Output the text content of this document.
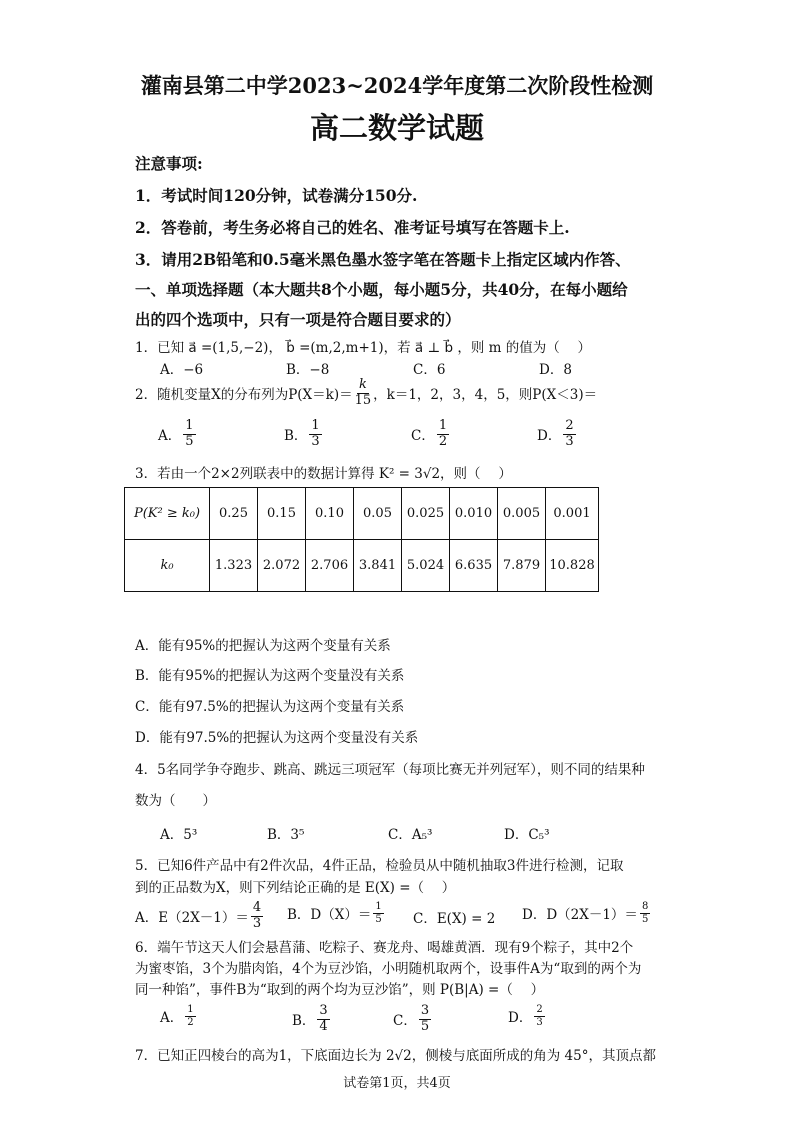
灌南县第二中学2023~2024学年度第二次阶段性检测
高二数学试题
注意事项:
1．考试时间120分钟，试卷满分150分.
2．答卷前，考生务必将自己的姓名、准考证号填写在答题卡上.
3．请用2B铅笔和0.5毫米黑色墨水签字笔在答题卡上指定区域内作答、
一、单项选择题（本大题共8个小题，每小题5分，共40分，在每小题给
出的四个选项中，只有一项是符合题目要求的）
1．已知 a⃗ =(1,5,−2)， b⃗ =(m,2,m+1)，若 a⃗ ⊥ b⃗ ，则 m 的值为（　 ）
A．−6	B．−8	C．6	D．8
2．随机变量X的分布列为$P(X=k)= \frac{k}{15}$ ，k＝1，2，3，4，5，则P(X＜3)＝
A． $\frac{1}{5}$	B． $\frac{1}{3}$	C． $\frac{1}{2}$	D． $\frac{2}{3}$
3．若由一个2×2列联表中的数据计算得 K² = 3√2，则（　 ）
P(K² ≥ k₀)	0.25	0.15	0.10	0.05	0.025	0.010	0.005	0.001
k₀	1.323	2.072	2.706	3.841	5.024	6.635	7.879	10.828
A．能有95%的把握认为这两个变量有关系
B．能有95%的把握认为这两个变量没有关系
C．能有97.5%的把握认为这两个变量有关系
D．能有97.5%的把握认为这两个变量没有关系
4．5名同学争夺跑步、跳高、跳远三项冠军（每项比赛无并列冠军），则不同的结果种
数为（　　）
A．5³	B．3⁵	C．A₅³	D．C₅³
5．已知6件产品中有2件次品，4件正品，检验员从中随机抽取3件进行检测，记取
到的正品数为X，则下列结论正确的是 E(X) =（　 ）
A．$E(2X-1)= \frac{4}{3}$ B．$D(X)= \frac{1}{5}$ C．E(X) = 2 D．$D(2X-1)= \frac{8}{5}$
6．端午节这天人们会悬菖蒲、吃粽子、赛龙舟、喝雄黄酒．现有9个粽子，其中2个
为蜜枣馅，3个为腊肉馅，4个为豆沙馅，小明随机取两个，设事件A为“取到的两个为
同一种馅”，事件B为“取到的两个均为豆沙馅”，则 P(B|A) =（　 ）
A． $\frac{1}{2}$	B． $\frac{3}{4}$	C． $\frac{3}{5}$	D． $\frac{2}{3}$
7．已知正四棱台的高为1，下底面边长为 2√2，侧棱与底面所成的角为 45°，其顶点都
试卷第1页，共4页
